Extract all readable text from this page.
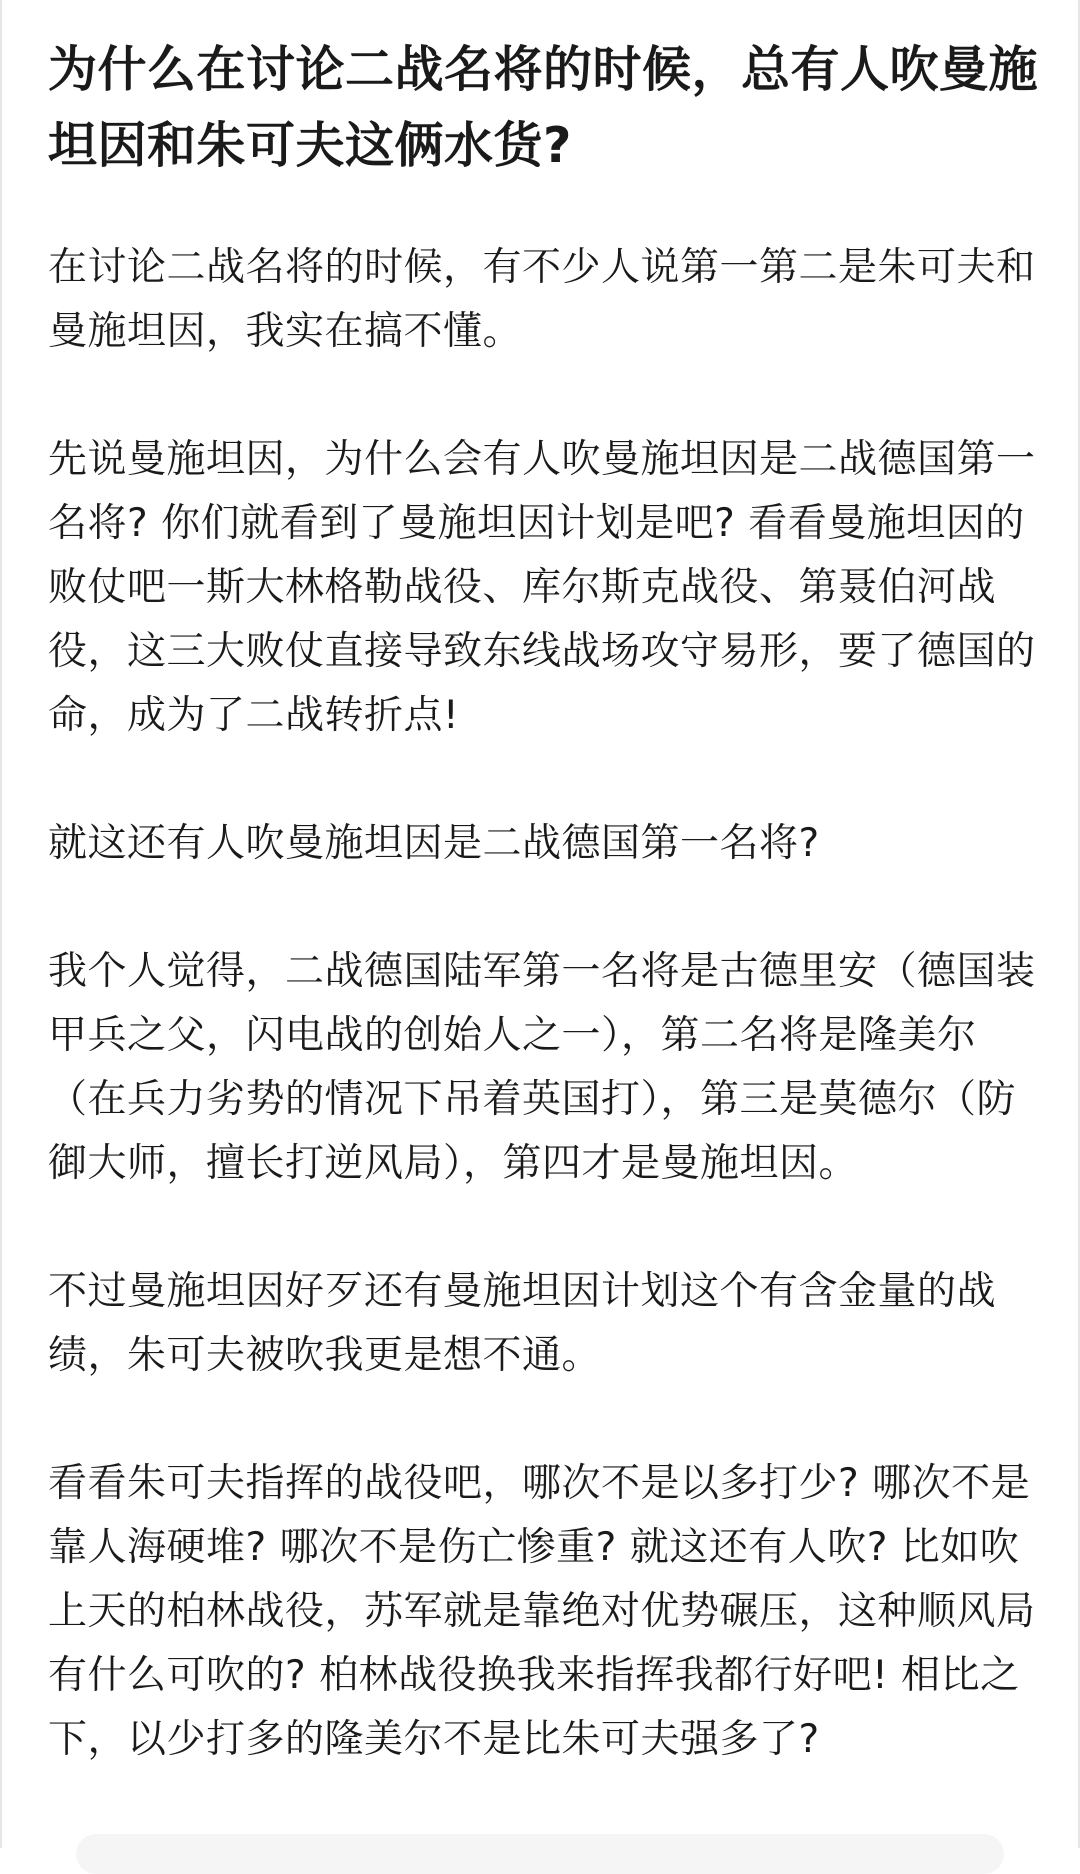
为什么在讨论二战名将的时候，总有人吹曼施坦因和朱可夫这俩水货?

在讨论二战名将的时候，有不少人说第一第二是朱可夫和曼施坦因，我实在搞不懂。

先说曼施坦因，为什么会有人吹曼施坦因是二战德国第一名将? 你们就看到了曼施坦因计划是吧? 看看曼施坦因的败仗吧一斯大林格勒战役、库尔斯克战役、第聂伯河战役，这三大败仗直接导致东线战场攻守易形，要了德国的命，成为了二战转折点!

就这还有人吹曼施坦因是二战德国第一名将?

我个人觉得，二战德国陆军第一名将是古德里安（德国装甲兵之父，闪电战的创始人之一），第二名将是隆美尔（在兵力劣势的情况下吊着英国打），第三是莫德尔（防御大师，擅长打逆风局），第四才是曼施坦因。

不过曼施坦因好歹还有曼施坦因计划这个有含金量的战绩，朱可夫被吹我更是想不通。

看看朱可夫指挥的战役吧，哪次不是以多打少? 哪次不是靠人海硬堆? 哪次不是伤亡惨重? 就这还有人吹? 比如吹上天的柏林战役，苏军就是靠绝对优势碾压，这种顺风局有什么可吹的? 柏林战役换我来指挥我都行好吧! 相比之下，以少打多的隆美尔不是比朱可夫强多了?
